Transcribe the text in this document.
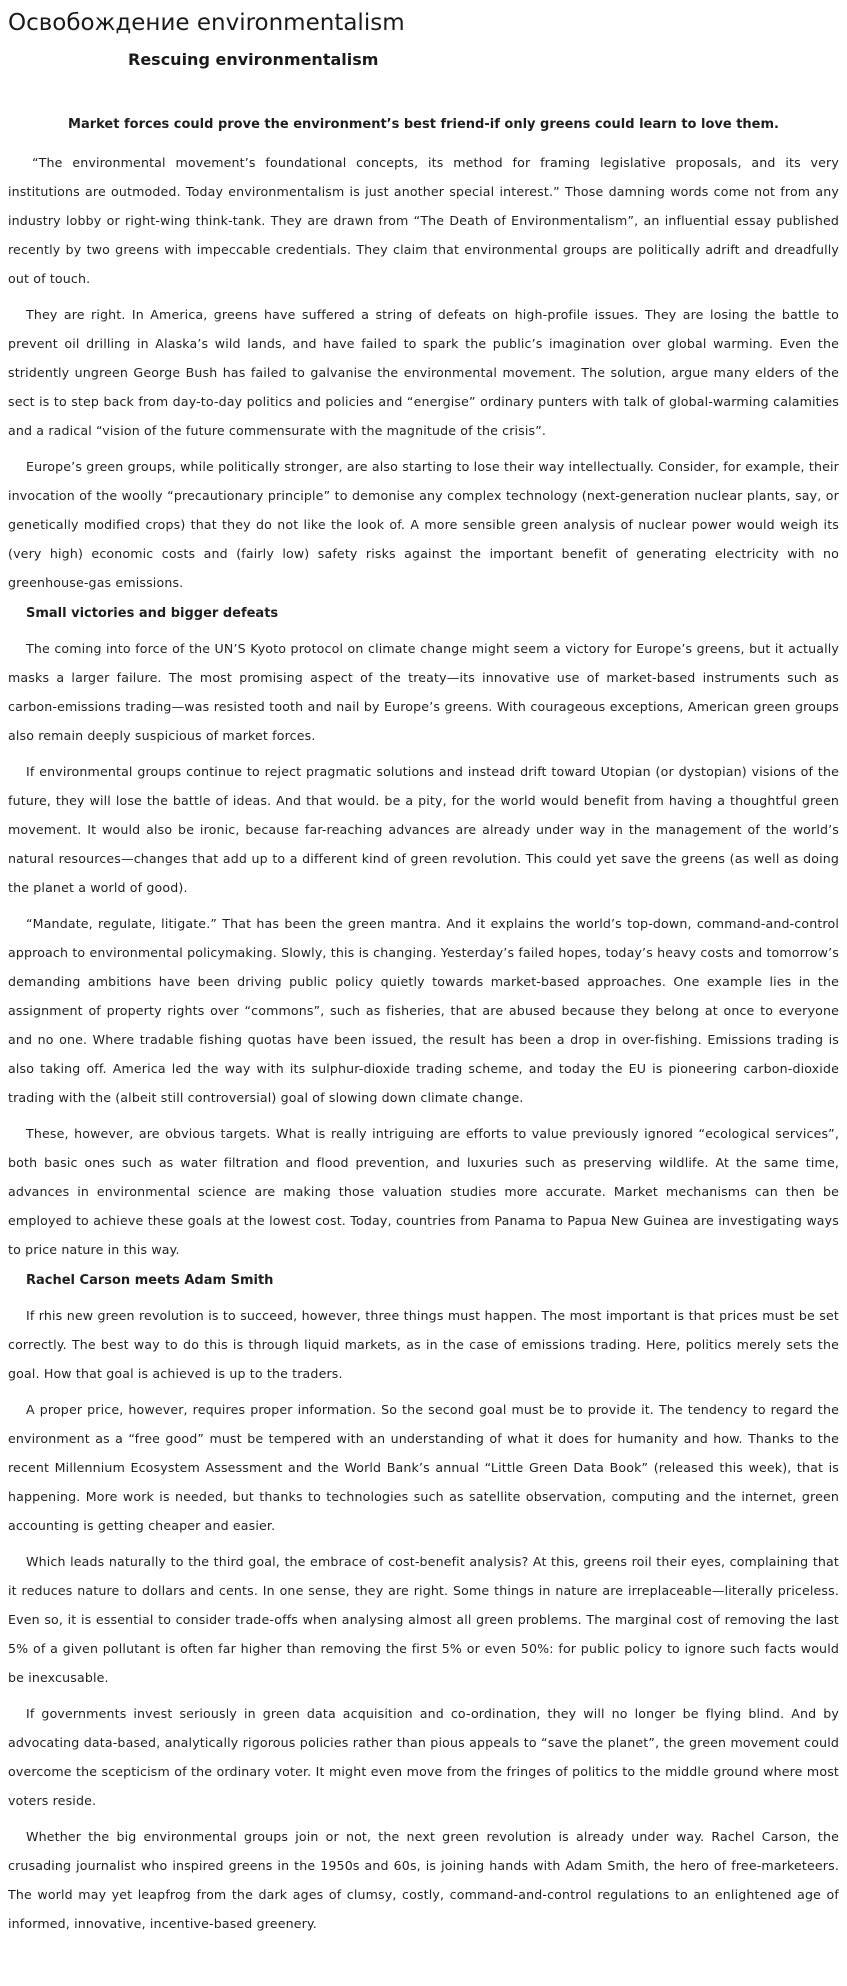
Освобождение environmentalism
Rescuing environmentalism

Market forces could prove the environment’s best friend-if only greens could learn to love them.

“The environmental movement’s foundational concepts, its method for framing legislative proposals, and its very institutions are outmoded. Today environmentalism is just another special interest.” Those damning words come not from any industry lobby or right-wing think-tank. They are drawn from “The Death of Environmentalism”, an influential essay published recently by two greens with impeccable credentials. They claim that environmental groups are politically adrift and dreadfully out of touch.

They are right. In America, greens have suffered a string of defeats on high-profile issues. They are losing the battle to prevent oil drilling in Alaska’s wild lands, and have failed to spark the public’s imagination over global warming. Even the stridently ungreen George Bush has failed to galvanise the environmental movement. The solution, argue many elders of the sect is to step back from day-to-day politics and policies and “energise” ordinary punters with talk of global-warming calamities and a radical “vision of the future commensurate with the magnitude of the crisis”.

Europe’s green groups, while politically stronger, are also starting to lose their way intellectually. Consider, for example, their invocation of the woolly “precautionary principle” to demonise any complex technology (next-generation nuclear plants, say, or genetically modified crops) that they do not like the look of. A more sensible green analysis of nuclear power would weigh its (very high) economic costs and (fairly low) safety risks against the important benefit of generating electricity with no greenhouse-gas emissions.

Small victories and bigger defeats

The coming into force of the UN’S Kyoto protocol on climate change might seem a victory for Europe’s greens, but it actually masks a larger failure. The most promising aspect of the treaty—its innovative use of market-based instruments such as carbon-emissions trading—was resisted tooth and nail by Europe’s greens. With courageous exceptions, American green groups also remain deeply suspicious of market forces.

If environmental groups continue to reject pragmatic solutions and instead drift toward Utopian (or dystopian) visions of the future, they will lose the battle of ideas. And that would. be a pity, for the world would benefit from having a thoughtful green movement. It would also be ironic, because far-reaching advances are already under way in the management of the world’s natural resources—changes that add up to a different kind of green revolution. This could yet save the greens (as well as doing the planet a world of good).

“Mandate, regulate, litigate.” That has been the green mantra. And it explains the world’s top-down, command-and-control approach to environmental policymaking. Slowly, this is changing. Yesterday’s failed hopes, today’s heavy costs and tomorrow’s demanding ambitions have been driving public policy quietly towards market-based approaches. One example lies in the assignment of property rights over “commons”, such as fisheries, that are abused because they belong at once to everyone and no one. Where tradable fishing quotas have been issued, the result has been a drop in over-fishing. Emissions trading is also taking off. America led the way with its sulphur-dioxide trading scheme, and today the EU is pioneering carbon-dioxide trading with the (albeit still controversial) goal of slowing down climate change.

These, however, are obvious targets. What is really intriguing are efforts to value previously ignored “ecological services”, both basic ones such as water filtration and flood prevention, and luxuries such as preserving wildlife. At the same time, advances in environmental science are making those valuation studies more accurate. Market mechanisms can then be employed to achieve these goals at the lowest cost. Today, countries from Panama to Papua New Guinea are investigating ways to price nature in this way.

Rachel Carson meets Adam Smith

If rhis new green revolution is to succeed, however, three things must happen. The most important is that prices must be set correctly. The best way to do this is through liquid markets, as in the case of emissions trading. Here, politics merely sets the goal. How that goal is achieved is up to the traders.

A proper price, however, requires proper information. So the second goal must be to provide it. The tendency to regard the environment as a “free good” must be tempered with an understanding of what it does for humanity and how. Thanks to the recent Millennium Ecosystem Assessment and the World Bank’s annual “Little Green Data Book” (released this week), that is happening. More work is needed, but thanks to technologies such as satellite observation, computing and the internet, green accounting is getting cheaper and easier.

Which leads naturally to the third goal, the embrace of cost-benefit analysis? At this, greens roil their eyes, complaining that it reduces nature to dollars and cents. In one sense, they are right. Some things in nature are irreplaceable—literally priceless. Even so, it is essential to consider trade-offs when analysing almost all green problems. The marginal cost of removing the last 5% of a given pollutant is often far higher than removing the first 5% or even 50%: for public policy to ignore such facts would be inexcusable.

If governments invest seriously in green data acquisition and co-ordination, they will no longer be flying blind. And by advocating data-based, analytically rigorous policies rather than pious appeals to “save the planet”, the green movement could overcome the scepticism of the ordinary voter. It might even move from the fringes of politics to the middle ground where most voters reside.

Whether the big environmental groups join or not, the next green revolution is already under way. Rachel Carson, the crusading journalist who inspired greens in the 1950s and 60s, is joining hands with Adam Smith, the hero of free-marketeers. The world may yet leapfrog from the dark ages of clumsy, costly, command-and-control regulations to an enlightened age of informed, innovative, incentive-based greenery.
